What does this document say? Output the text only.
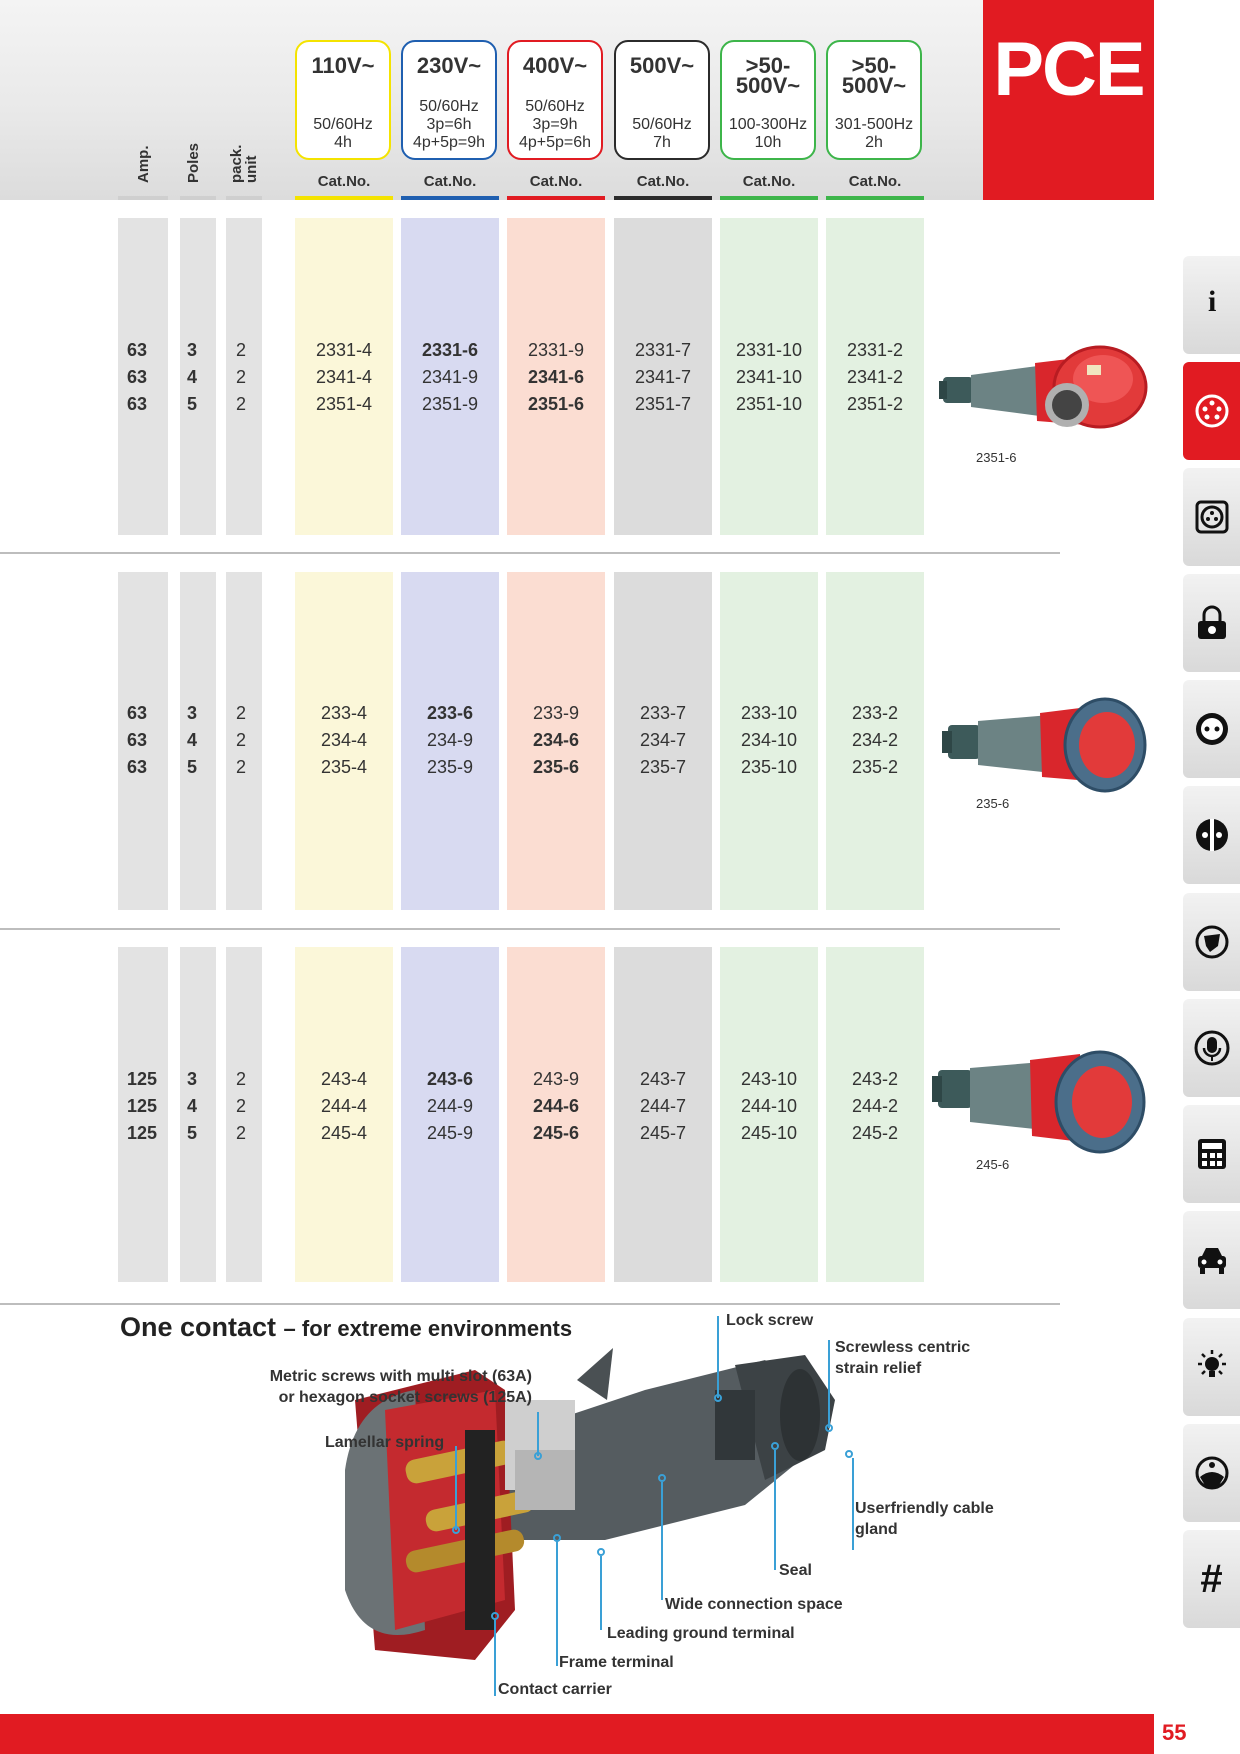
PCE
Amp. Poles pack. unit
110V~
50/60Hz
4h
Cat.No.
230V~
50/60Hz
3p=6h
4p+5p=9h
Cat.No.
400V~
50/60Hz
3p=9h
4p+5p=6h
Cat.No.
500V~
50/60Hz
7h
Cat.No.
>50-
500V~
100-300Hz
10h
Cat.No.
>50-
500V~
301-500Hz
2h
Cat.No.
63 3 2	2331-4	2331-6	2331-9	2331-7	2331-10	2331-2
63 4 2	2341-4	2341-9	2341-6	2341-7	2341-10	2341-2
63 5 2	2351-4	2351-9	2351-6	2351-7	2351-10	2351-2
63 3 2	233-4	233-6	233-9	233-7	233-10	233-2
63 4 2	234-4	234-9	234-6	234-7	234-10	234-2
63 5 2	235-4	235-9	235-6	235-7	235-10	235-2
125 3 2	243-4	243-6	243-9	243-7	243-10	243-2
125 4 2	244-4	244-9	244-6	244-7	244-10	244-2
125 5 2	245-4	245-9	245-6	245-7	245-10	245-2
2351-6
235-6
245-6
i
#
One contact – for extreme environments
Metric screws with multi slot (63A)
or hexagon socket screws (125A)
Lamellar spring
Lock screw
Screwless centric
strain relief
Userfriendly cable
gland
Seal
Wide connection space
Leading ground terminal
Frame terminal
Contact carrier
55
